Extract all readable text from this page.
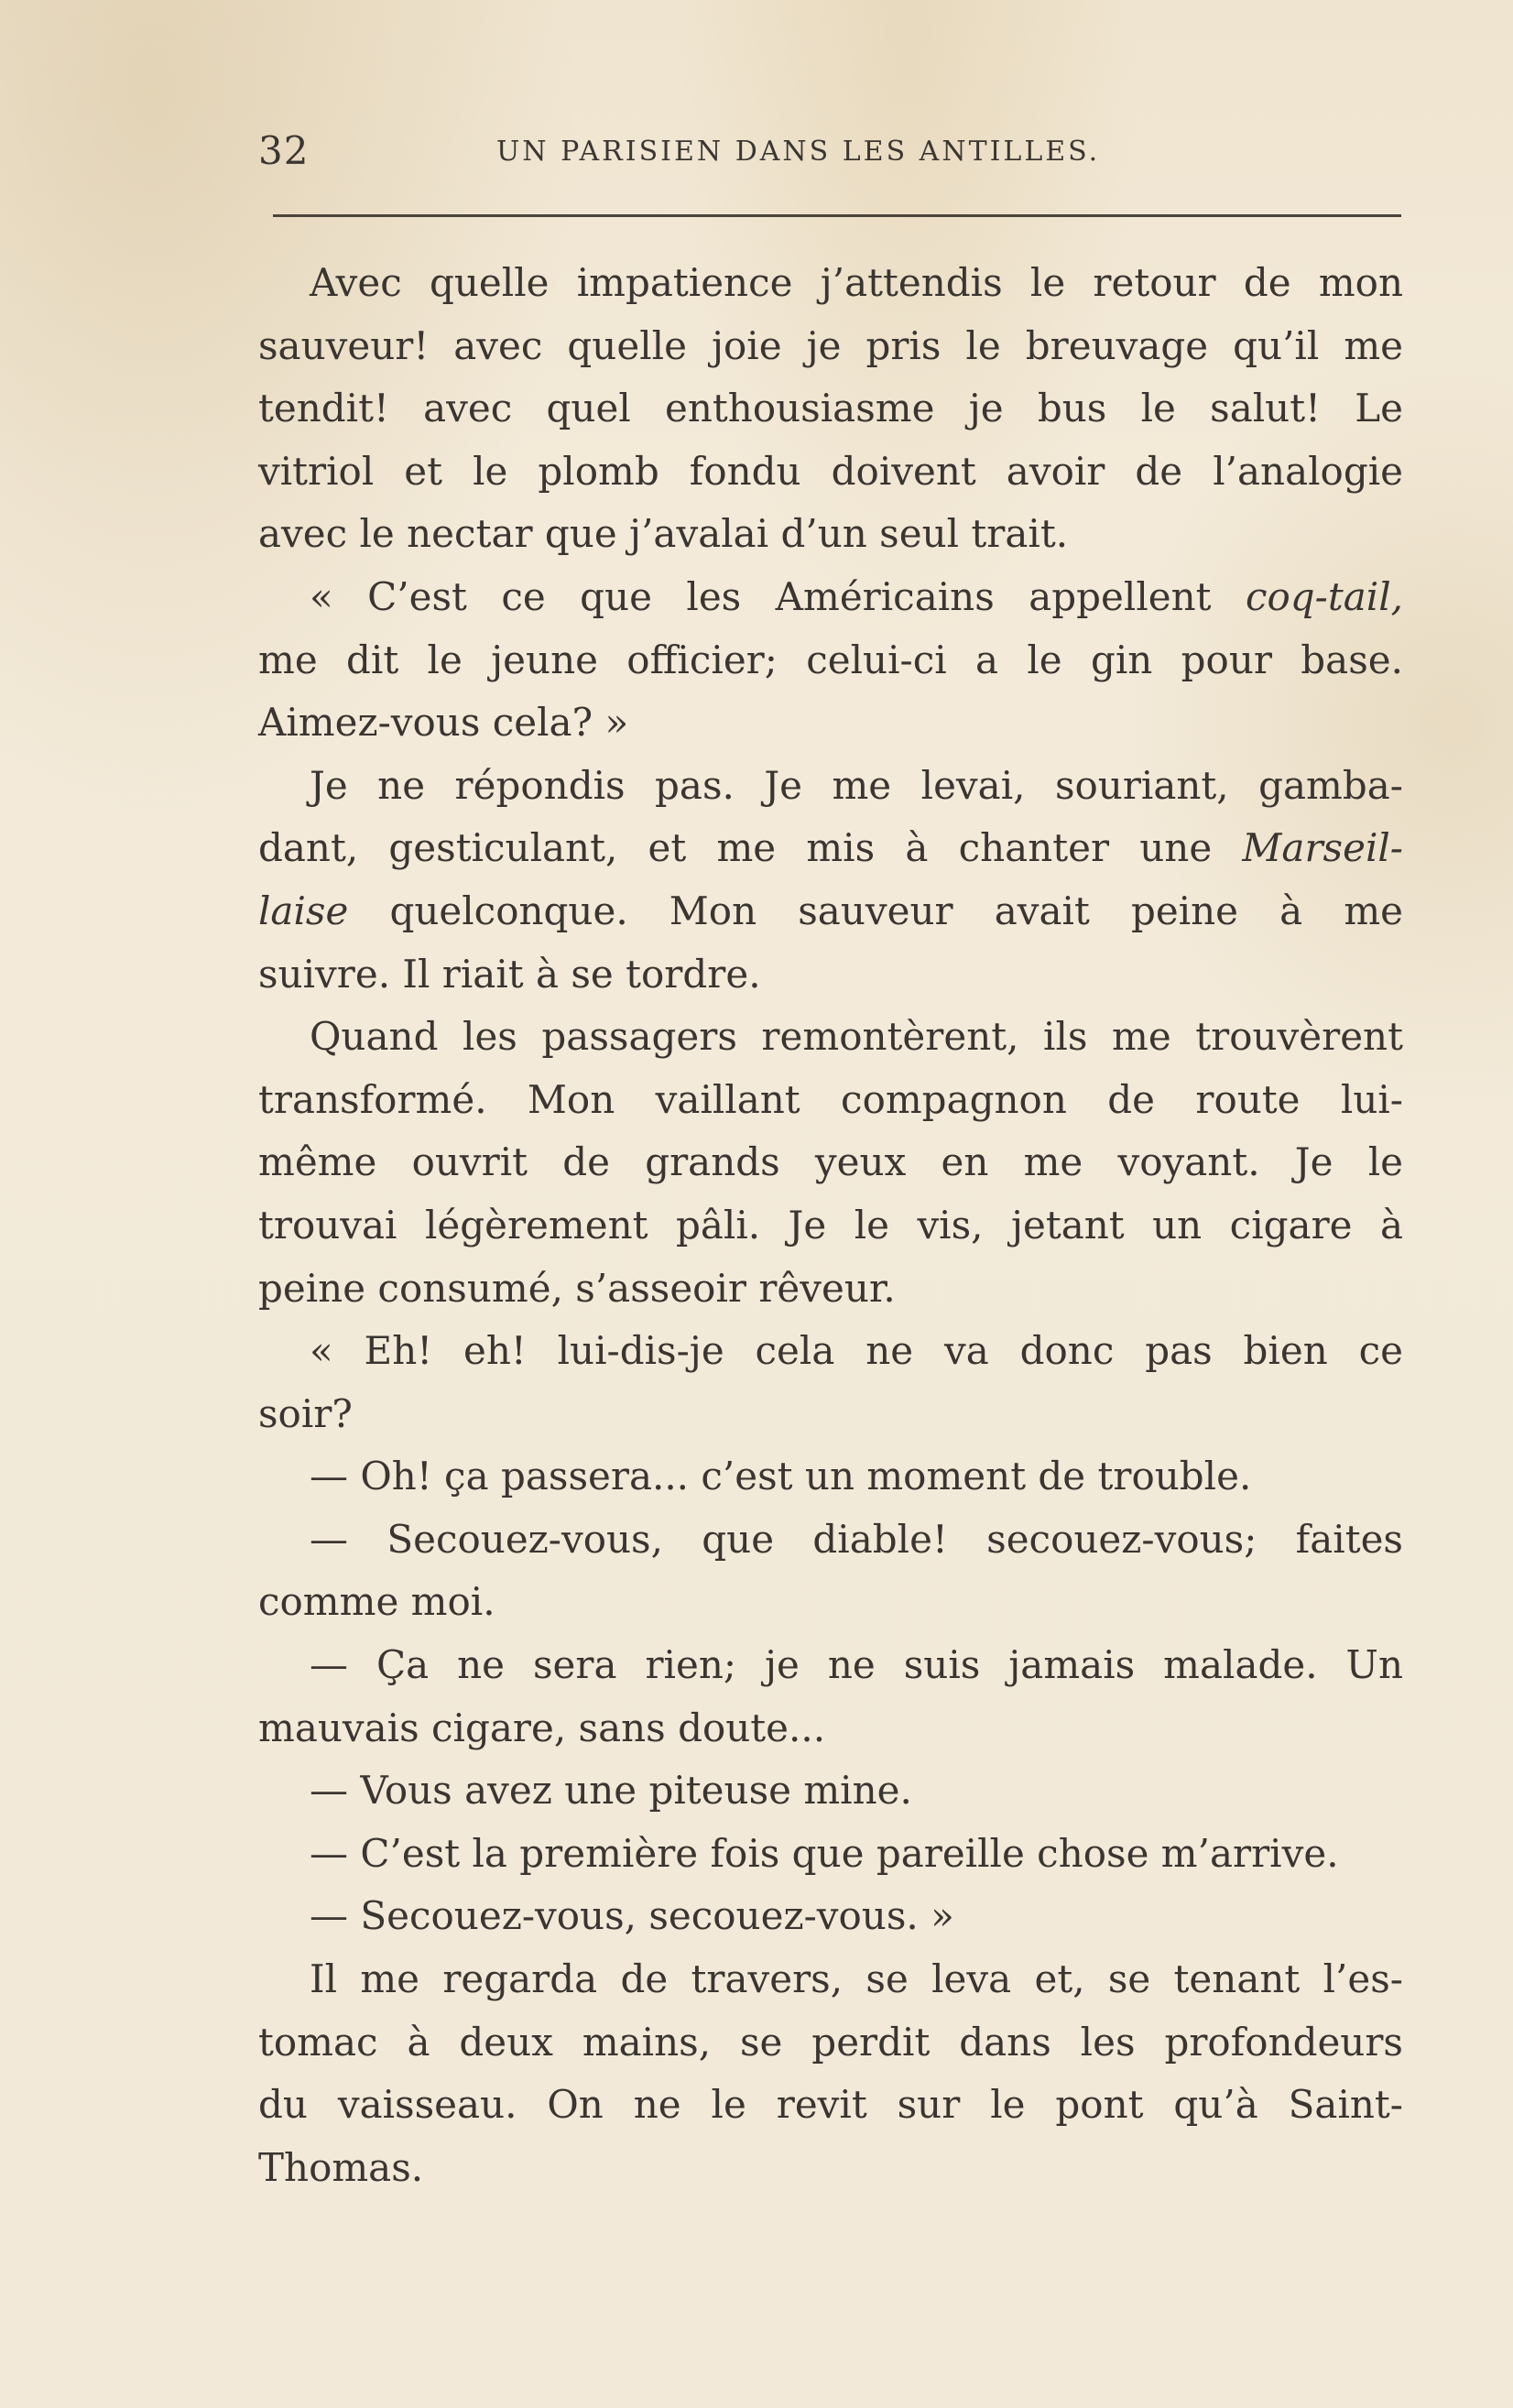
32	UN PARISIEN DANS LES ANTILLES.
Avec quelle impatience j’attendis le retour de mon
sauveur! avec quelle joie je pris le breuvage qu’il me
tendit! avec quel enthousiasme je bus le salut! Le
vitriol et le plomb fondu doivent avoir de l’analogie
avec le nectar que j’avalai d’un seul trait.
« C’est ce que les Américains appellent coq-tail,
me dit le jeune officier; celui-ci a le gin pour base.
Aimez-vous cela? »
Je ne répondis pas. Je me levai, souriant, gamba-
dant, gesticulant, et me mis à chanter une Marseil-
laise quelconque. Mon sauveur avait peine à me
suivre. Il riait à se tordre.
Quand les passagers remontèrent, ils me trouvèrent
transformé. Mon vaillant compagnon de route lui-
même ouvrit de grands yeux en me voyant. Je le
trouvai légèrement pâli. Je le vis, jetant un cigare à
peine consumé, s’asseoir rêveur.
« Eh! eh! lui-dis-je cela ne va donc pas bien ce
soir?
— Oh! ça passera... c’est un moment de trouble.
— Secouez-vous, que diable! secouez-vous; faites
comme moi.
— Ça ne sera rien; je ne suis jamais malade. Un
mauvais cigare, sans doute...
— Vous avez une piteuse mine.
— C’est la première fois que pareille chose m’arrive.
— Secouez-vous, secouez-vous. »
Il me regarda de travers, se leva et, se tenant l’es-
tomac à deux mains, se perdit dans les profondeurs
du vaisseau. On ne le revit sur le pont qu’à Saint-
Thomas.
